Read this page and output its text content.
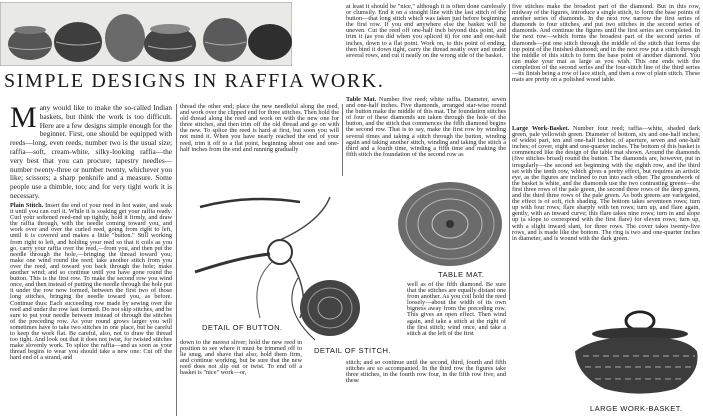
SIMPLE DESIGNS IN RAFFIA WORK.
Many would like to make the so-called Indian baskets, but think the work is too difficult. Here are a few designs simple enough for the beginner. First, one should be equipped with reeds—long, even reeds, number two is the usual size; raffia—soft, cream-white, silky-looking raffia—the very best that you can procure; tapestry needles—number twenty-three or number twenty, whichever you like; scissors; a sharp penknife and a measure. Some people use a thimble, too; and for very tight work it is necessary.
Plain Stitch. Insert the end of your reed in hot water, and soak it until you can curl it. While it is soaking get your raffia ready. Curl your softened reed-end up tightly, hold it firmly, and draw the raffia through, with the needle coming toward you, and work over and over the curled reed, going from right to left, until it is covered and makes a little "button." Still working from right to left, and holding your reed so that it coils as you go, carry your raffia over the reed,—from you, and then put the needle through the hole,—bringing the thread toward you; make one wind round the reed; take another stitch from you over the reed, and toward you back through the hole; make another wind; and so continue until you have gone round the button. This is the first row. To make the second row you wind once, and then instead of putting the needle through the hole put it under the row now formed, between the first two of those long stitches, bringing the needle toward you, as before. Continue thus: Each succeeding row made by sewing over the reed and under the row last formed. Do not skip stitches, and be sure to put your needle between instead of through the stitches of the preceding row. As your round grows larger you will sometimes have to take two stitches in one place, but be careful to keep the work flat. Be careful, also, not to draw the thread too tight. And look out that it does not twist, for twisted stitches make slovenly work. To splice the raffia—and as soon as your thread begins to wear you should take a new one: Cut off the hard end of a strand, and
thread the other end; place the new needleful along the reed, and work over the clipped end for three stitches. Then hold the old thread along the reed and work on with the new one for three stitches, and then trim off the old thread and go on with the new. To splice the reed is hard at first, but soon you will not mind it. When you have nearly reached the end of your reed, trim it off to a flat point, beginning about one and one-half inches from the end and running gradually
DETAIL OF BUTTON.
down to the merest sliver; hold the new reed in position to see where it must be trimmed off to lie snug, and shave that also; hold them firm, and continue working, but be sure that the new reed does not slip out or twist. To end off a basket is "nice" work—or,
DETAIL OF STITCH.
at least it should be "nice," although it is often done carelessly or clumsily. End it on a straight line with the last stitch of the button—that long stitch which was taken just before beginning the first row. If you end anywhere else the basket will be uneven. Cut the reed off one-half inch beyond this point, and trim it (as you did when you spliced it) for one and one-half inches, down to a flat point. Work on, to this point of ending, then bind it down tight, carry the thread neatly over and under several rows, and cut it neatly on the wrong side of the basket.
Table Mat. Number five reed; white raffia. Diameter, seven and one-half inches. Five diamonds, arranged star-wise round the button make the middle of this mat. The foundation stitches of four of these diamonds are taken through the hole of the button, and the stitch that commences the fifth diamond begins the second row. That is to say, make the first row by winding several times and taking a stitch through the button, winding again and taking another stitch, winding and taking the stitch a third and a fourth time, winding a fifth time and making the fifth stitch the foundation of the second row as
TABLE MAT.
well as of the fifth diamond. Be sure that the stitches are equally distant one from another. As you coil hold the reed loosely—about the width of its own bigness away from the preceding row. This gives an open effect. Then wind again, and take a stitch at the right of the first stitch; wind once, and take a stitch at the left of the first
stitch; and so continue until the second, third, fourth and fifth stitches are so accompanied. In the third row the figures take three stitches, in the fourth row four, in the fifth row five; and these
five stitches make the broadest part of the diamond. But in this row, midway of the figures, introduce a single stitch, to form the base points of another series of diamonds. In the next row narrow the first series of diamonds to four stitches, and put two stitches in the second series of diamonds. And continue the figures until the first series are completed. In the next row—which forms the broadest part of the second series of diamonds—put one stitch through the middle of the stitch that forms the top point of the finished diamond; and in the next row put a stitch through the middle of this stitch to form the base point of another diamond. You can make your mat as large as you wish. This one ends with the completion of the second series and the four-stitch line of the third series—its finish being a row of lace stitch, and then a row of plain stitch. These mats are pretty on a polished wood table.
Large Work-Basket. Number four reed; raffia—white, shaded dark green, pale yellowish green. Diameter of bottom, six and one-half inches; of widest part, ten and one-half inches; of aperture, seven and one-half inches; of cover, eight and one-quarter inches. The bottom of this basket is commenced like the design of the table mat shown. Around the diamonds (five stitches broad) round the button. The diamonds are, however, put in irregularly—the second set beginning with the eighth row, and the third set with the tenth row, which gives a pretty effect, but requires an artistic eye, as the figures are inclined to run into each other. The groundwork of the basket is white, and the diamonds use the two contrasting greens—the first three rows of the pale green, the second three rows of the deep green, and the third three rows of the pale green. As both greens are variegated, the effect is of soft, rich shading. The bottom takes seventeen rows; turn up with four rows; flare sharply with ten rows; turn up, and flare again, gently, with an inward curve; this flare takes nine rows; turn in and slope up (a slope to correspond with the first flare) for eleven rows; turn up, with a slight inward slant, for three rows. The cover takes twenty-five rows, and is made like the bottom. The ring is two and one-quarter inches in diameter, and is wound with the dark green.
LARGE WORK-BASKET.
